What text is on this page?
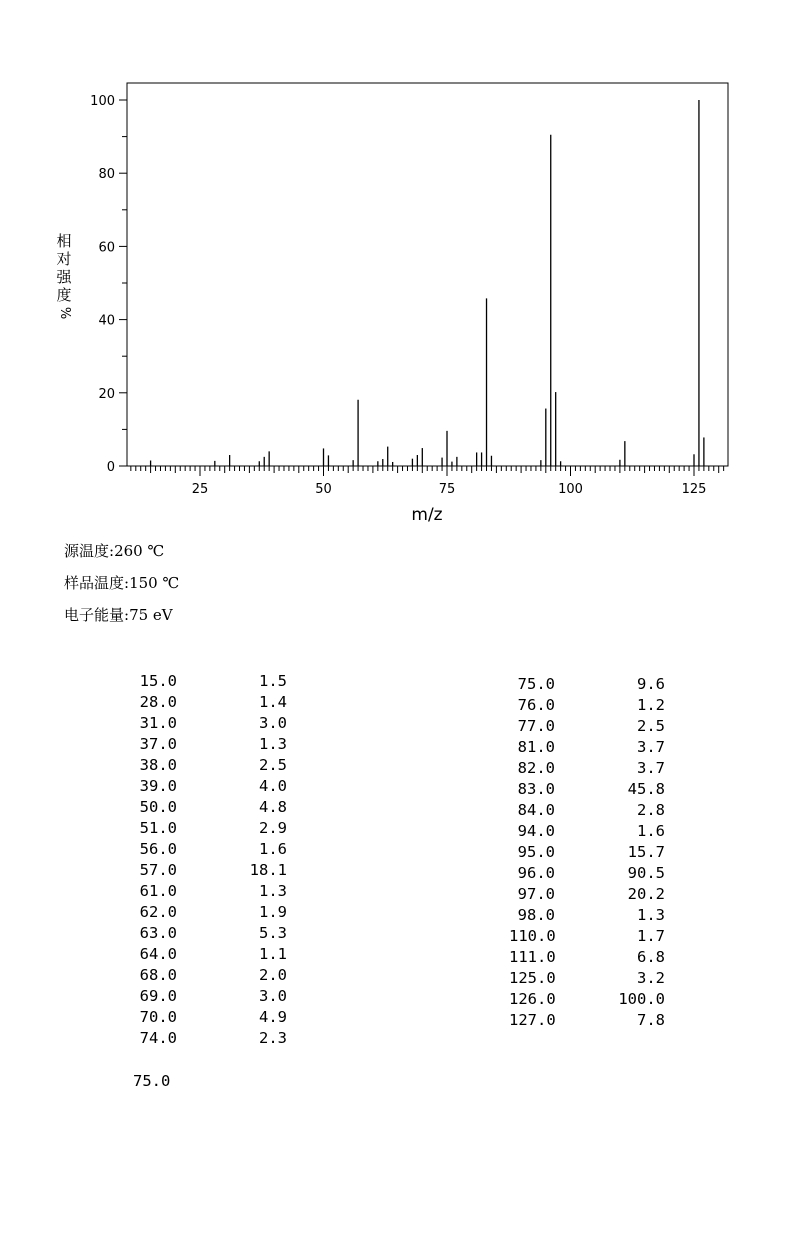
25	50	75	100	125
0
20
40
60
80
100
m/z
相
对
强
度
%
源温度:260 ℃
样品温度:150 ℃
电子能量:75 eV
15.0	1.5
28.0	1.4
31.0	3.0
37.0	1.3
38.0	2.5
39.0	4.0
50.0	4.8
51.0	2.9
56.0	1.6
57.0	18.1
61.0	1.3
62.0	1.9
63.0	5.3
64.0	1.1
68.0	2.0
69.0	3.0
70.0	4.9
74.0	2.3
75.0	9.6
76.0	1.2
77.0	2.5
81.0	3.7
82.0	3.7
83.0	45.8
84.0	2.8
94.0	1.6
95.0	15.7
96.0	90.5
97.0	20.2
98.0	1.3
110.0	1.7
111.0	6.8
125.0	3.2
126.0	100.0
127.0	7.8
75.0
